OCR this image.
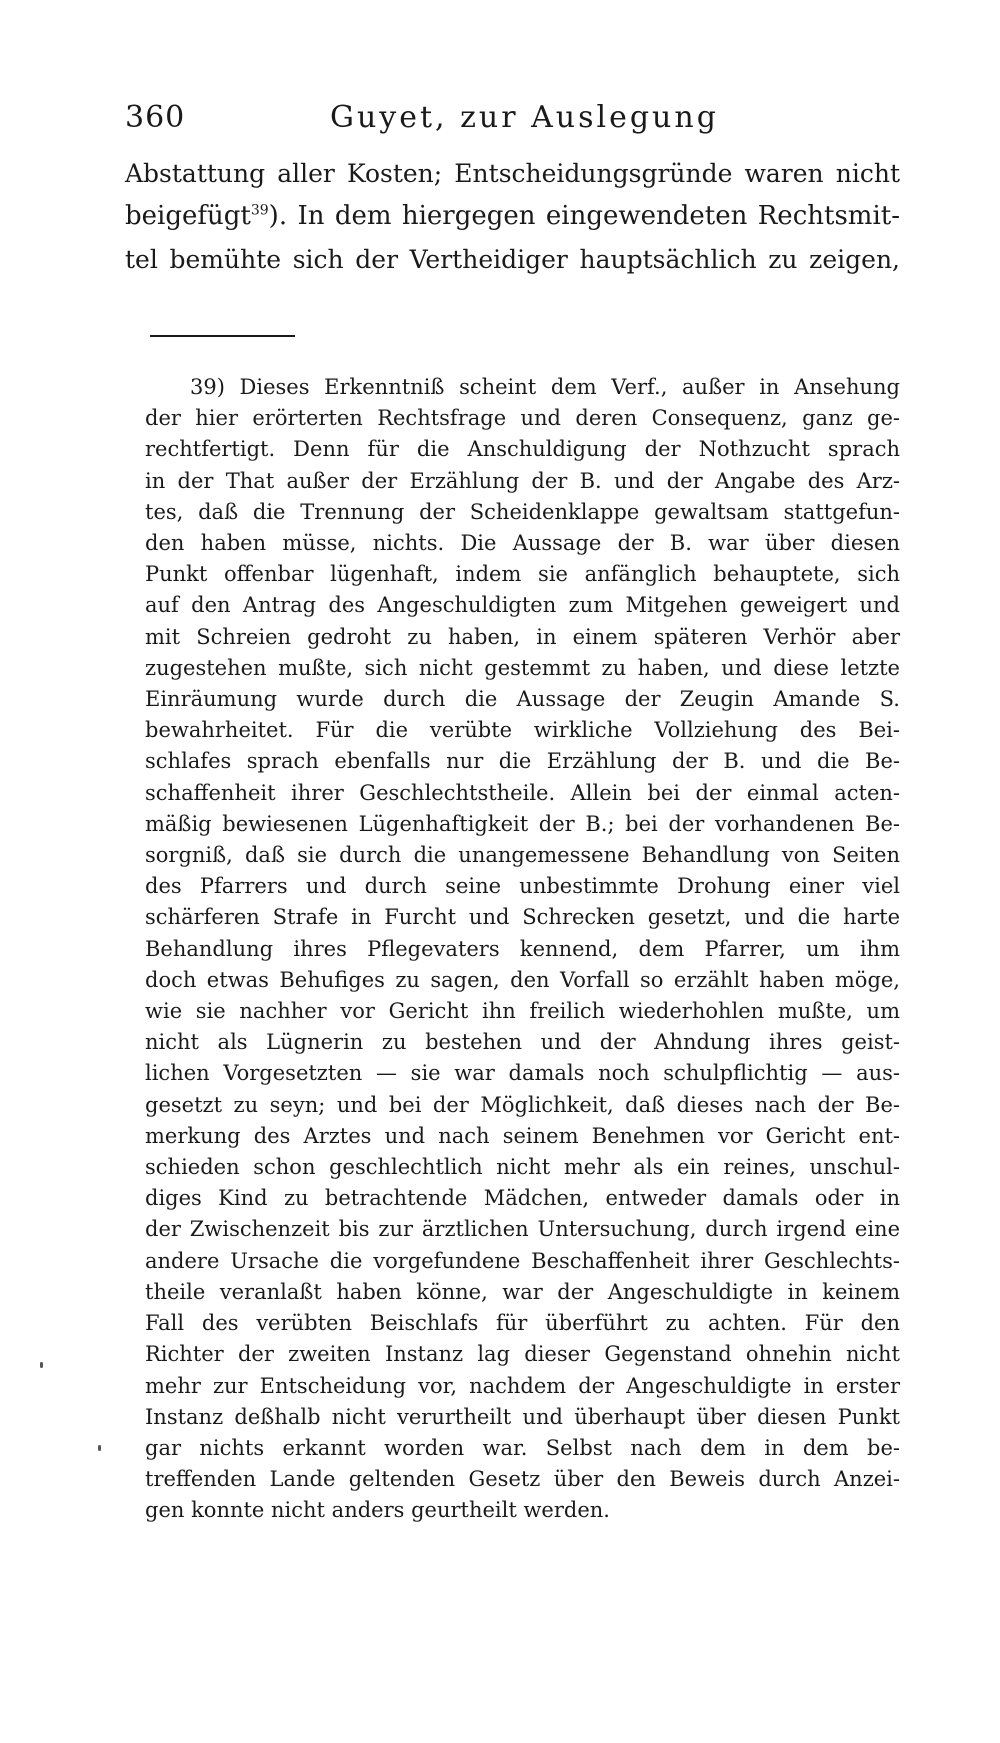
360	Guyet, zur Auslegung
Abstattung aller Kosten; Entscheidungsgründe waren nicht
beigefügt$^{39}$). In dem hiergegen eingewendeten Rechtsmit-
tel bemühte sich der Vertheidiger hauptsächlich zu zeigen,
39) Dieses Erkenntniß scheint dem Verf., außer in Ansehung
der hier erörterten Rechtsfrage und deren Consequenz, ganz ge-
rechtfertigt. Denn für die Anschuldigung der Nothzucht sprach
in der That außer der Erzählung der B. und der Angabe des Arz-
tes, daß die Trennung der Scheidenklappe gewaltsam stattgefun-
den haben müsse, nichts. Die Aussage der B. war über diesen
Punkt offenbar lügenhaft, indem sie anfänglich behauptete, sich
auf den Antrag des Angeschuldigten zum Mitgehen geweigert und
mit Schreien gedroht zu haben, in einem späteren Verhör aber
zugestehen mußte, sich nicht gestemmt zu haben, und diese letzte
Einräumung wurde durch die Aussage der Zeugin Amande S.
bewahrheitet. Für die verübte wirkliche Vollziehung des Bei-
schlafes sprach ebenfalls nur die Erzählung der B. und die Be-
schaffenheit ihrer Geschlechtstheile. Allein bei der einmal acten-
mäßig bewiesenen Lügenhaftigkeit der B.; bei der vorhandenen Be-
sorgniß, daß sie durch die unangemessene Behandlung von Seiten
des Pfarrers und durch seine unbestimmte Drohung einer viel
schärferen Strafe in Furcht und Schrecken gesetzt, und die harte
Behandlung ihres Pflegevaters kennend, dem Pfarrer, um ihm
doch etwas Behufiges zu sagen, den Vorfall so erzählt haben möge,
wie sie nachher vor Gericht ihn freilich wiederhohlen mußte, um
nicht als Lügnerin zu bestehen und der Ahndung ihres geist-
lichen Vorgesetzten — sie war damals noch schulpflichtig — aus-
gesetzt zu seyn; und bei der Möglichkeit, daß dieses nach der Be-
merkung des Arztes und nach seinem Benehmen vor Gericht ent-
schieden schon geschlechtlich nicht mehr als ein reines, unschul-
diges Kind zu betrachtende Mädchen, entweder damals oder in
der Zwischenzeit bis zur ärztlichen Untersuchung, durch irgend eine
andere Ursache die vorgefundene Beschaffenheit ihrer Geschlechts-
theile veranlaßt haben könne, war der Angeschuldigte in keinem
Fall des verübten Beischlafs für überführt zu achten. Für den
Richter der zweiten Instanz lag dieser Gegenstand ohnehin nicht
mehr zur Entscheidung vor, nachdem der Angeschuldigte in erster
Instanz deßhalb nicht verurtheilt und überhaupt über diesen Punkt
gar nichts erkannt worden war. Selbst nach dem in dem be-
treffenden Lande geltenden Gesetz über den Beweis durch Anzei-
gen konnte nicht anders geurtheilt werden.
